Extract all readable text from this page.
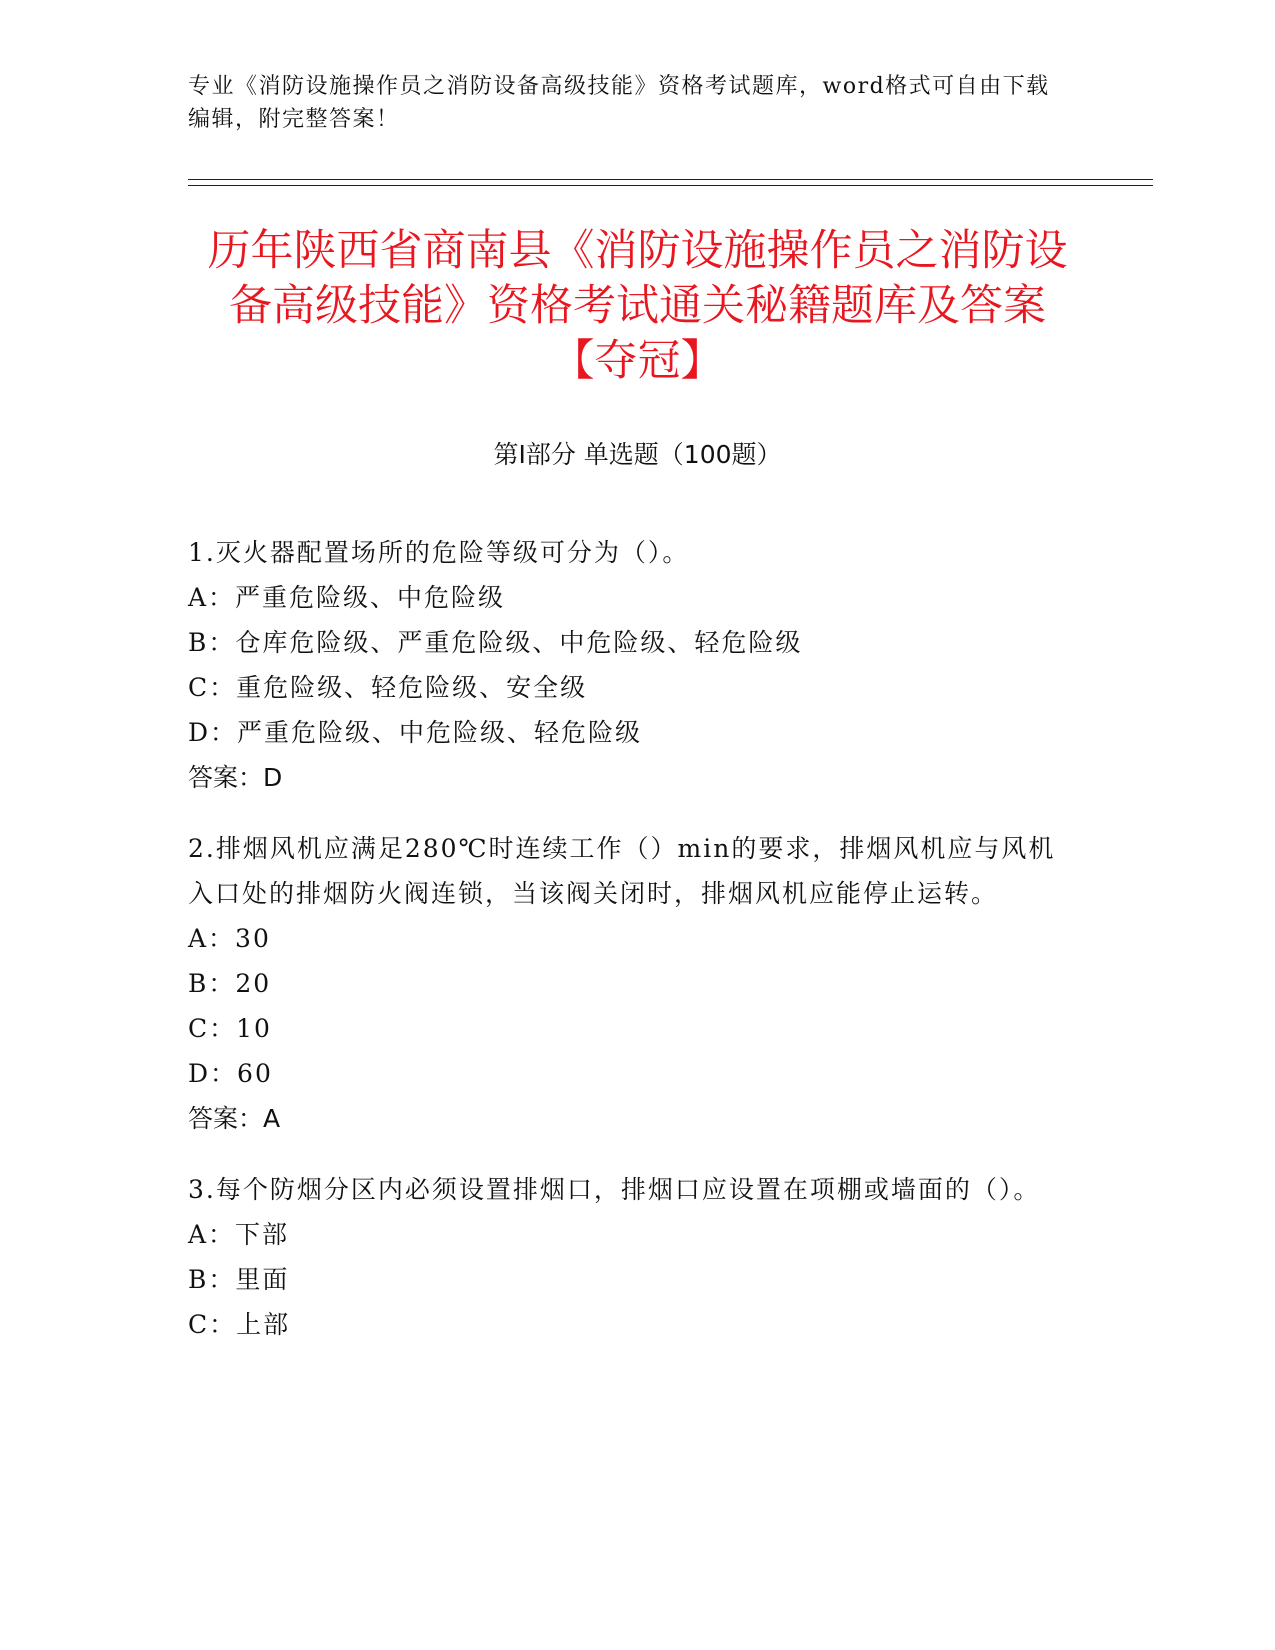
专业《消防设施操作员之消防设备高级技能》资格考试题库，word格式可自由下载编辑，附完整答案！
历年陕西省商南县《消防设施操作员之消防设备高级技能》资格考试通关秘籍题库及答案【夺冠】
第I部分 单选题（100题）

1.灭火器配置场所的危险等级可分为（）。

A：严重危险级、中危险级

B：仓库危险级、严重危险级、中危险级、轻危险级

C：重危险级、轻危险级、安全级

D：严重危险级、中危险级、轻危险级

答案：D

2.排烟风机应满足280℃时连续工作（）min的要求，排烟风机应与风机入口处的排烟防火阀连锁，当该阀关闭时，排烟风机应能停止运转。

A：30

B：20

C：10

D：60

答案：A

3.每个防烟分区内必须设置排烟口，排烟口应设置在项棚或墙面的（）。

A：下部

B：里面

C：上部
